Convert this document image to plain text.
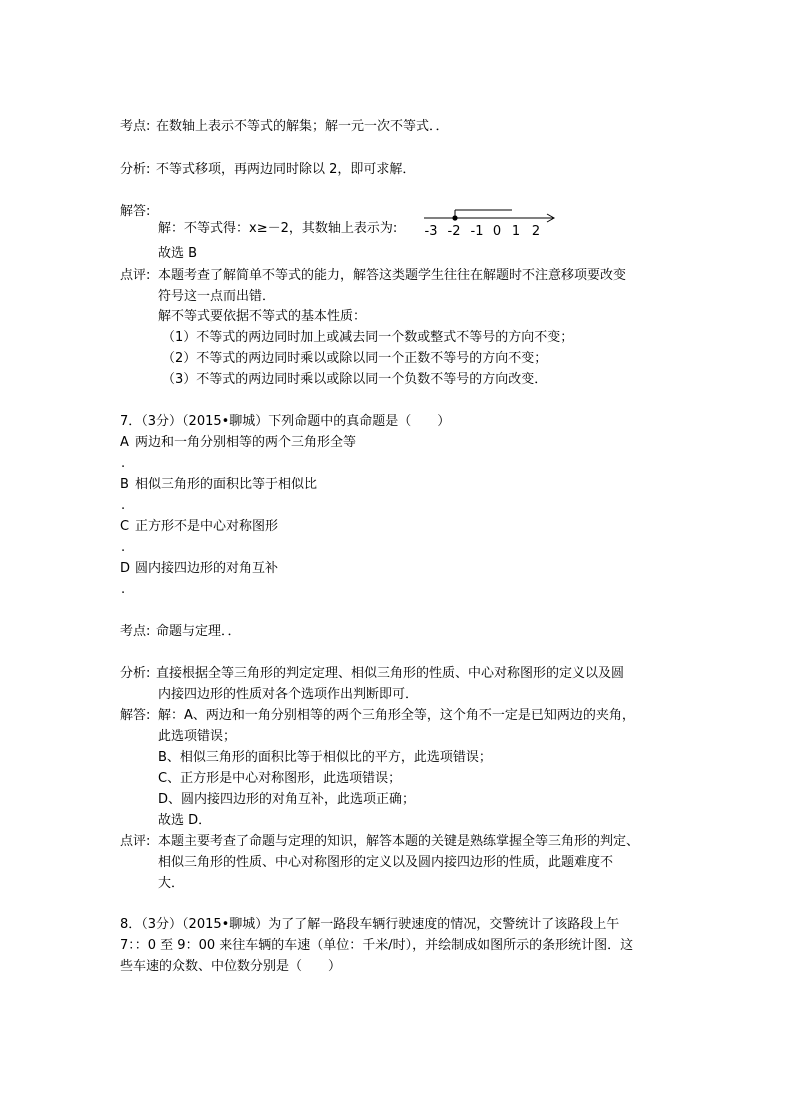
考点: 在数轴上表示不等式的解集；解一元一次不等式．．
分析: 不等式移项，再两边同时除以 2，即可求解．
解答:
解：不等式得：x≥－2，其数轴上表示为: -3 -2 -1 0 1 2
故选 B
点评: 本题考查了解简单不等式的能力，解答这类题学生往往在解题时不注意移项要改变
符号这一点而出错．
解不等式要依据不等式的基本性质：
（1）不等式的两边同时加上或减去同一个数或整式不等号的方向不变；
（2）不等式的两边同时乘以或除以同一个正数不等号的方向不变；
（3）不等式的两边同时乘以或除以同一个负数不等号的方向改变．
7．（3分）（2015•聊城）下列命题中的真命题是（　　）
A 两边和一角分别相等的两个三角形全等
.
B 相似三角形的面积比等于相似比
.
C 正方形不是中心对称图形
.
D 圆内接四边形的对角互补
.
考点: 命题与定理．．
分析: 直接根据全等三角形的判定定理、相似三角形的性质、中心对称图形的定义以及圆
内接四边形的性质对各个选项作出判断即可．
解答: 解：A、两边和一角分别相等的两个三角形全等，这个角不一定是已知两边的夹角，
此选项错误；
B、相似三角形的面积比等于相似比的平方，此选项错误；
C、正方形是中心对称图形，此选项错误；
D、圆内接四边形的对角互补，此选项正确；
故选 D．
点评: 本题主要考查了命题与定理的知识，解答本题的关键是熟练掌握全等三角形的判定、
相似三角形的性质、中心对称图形的定义以及圆内接四边形的性质，此题难度不
大．
8．（3分）（2015•聊城）为了了解一路段车辆行驶速度的情况，交警统计了该路段上午
7：：0 至 9：00 来往车辆的车速（单位：千米/时），并绘制成如图所示的条形统计图．这
些车速的众数、中位数分别是（　　）
